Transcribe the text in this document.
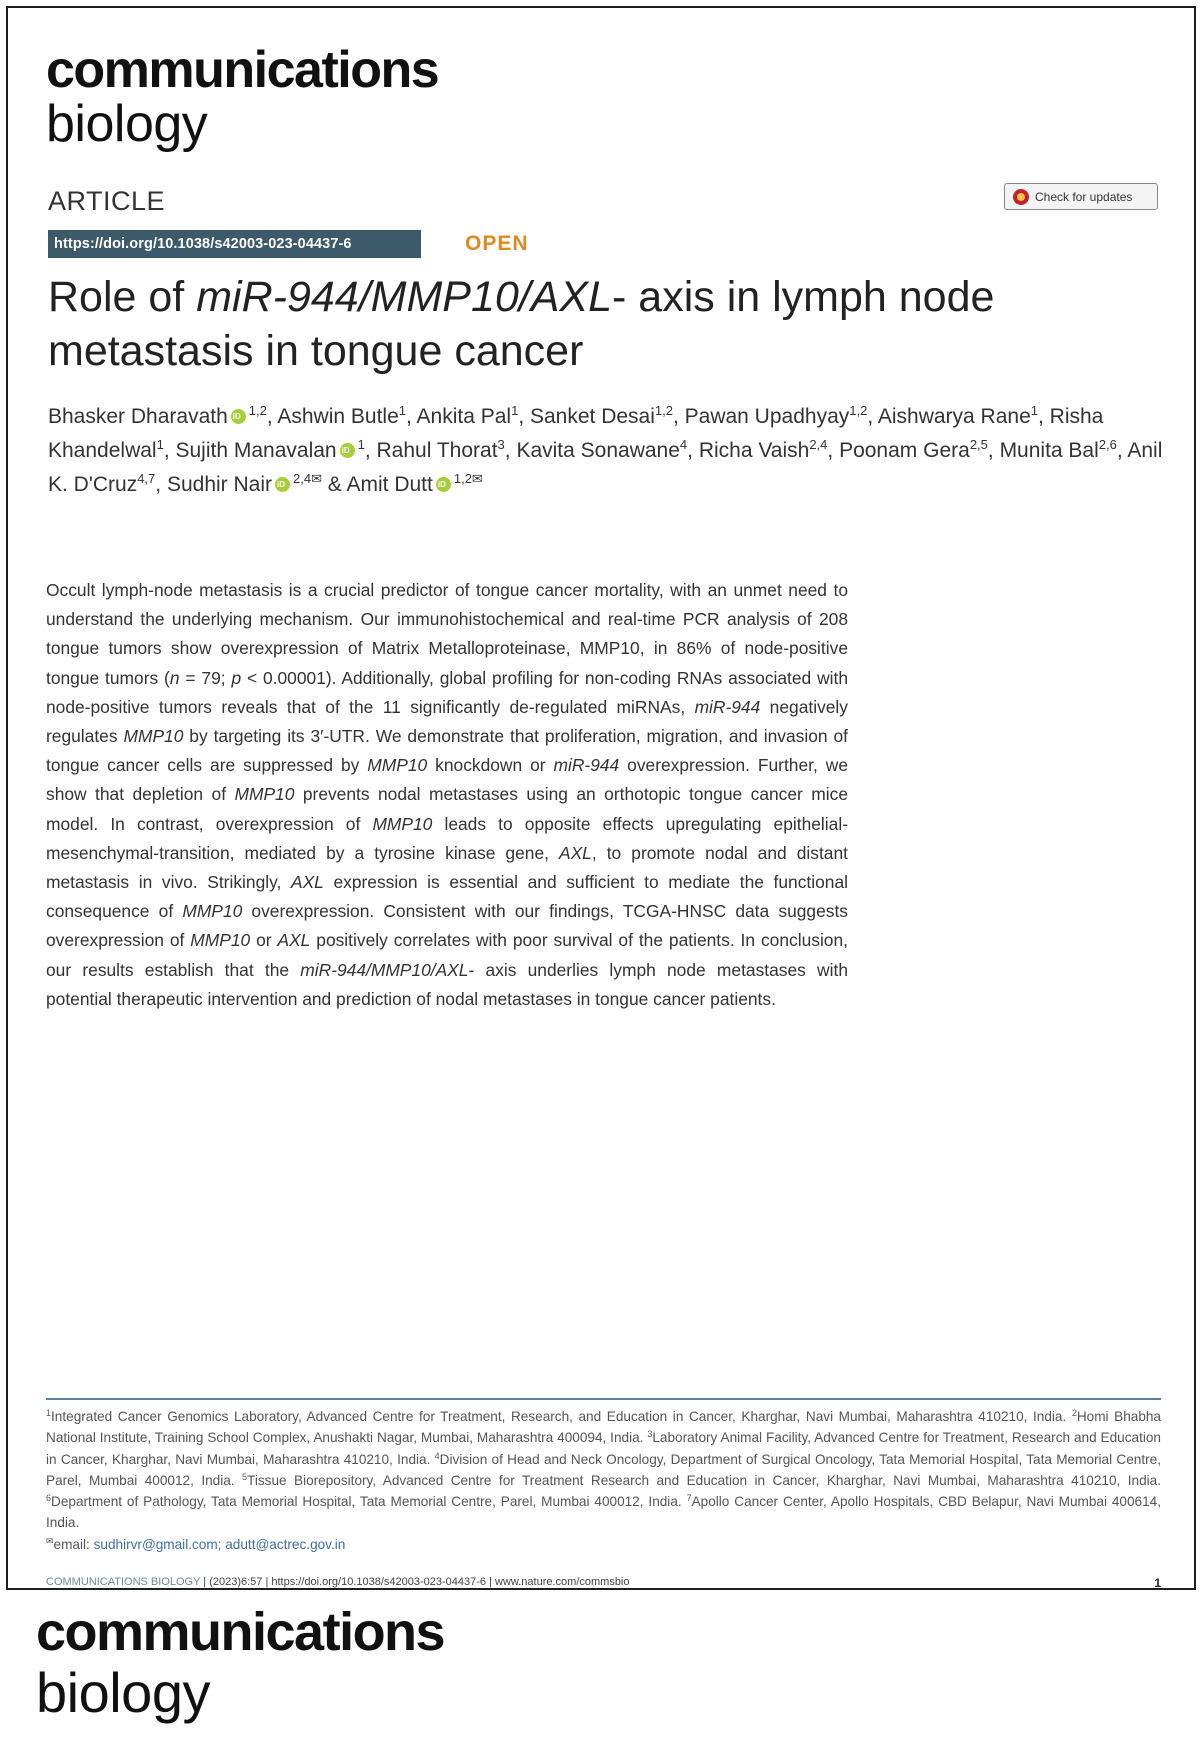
communications
biology
ARTICLE	Check for updates
https://doi.org/10.1038/s42003-023-04437-6	OPEN
Role of miR-944/MMP10/AXL- axis in lymph node metastasis in tongue cancer
Bhasker Dharavath iD $^{1,2}$, Ashwin Butle$^1$, Ankita Pal$^1$, Sanket Desai$^{1,2}$, Pawan Upadhyay$^{1,2}$, Aishwarya Rane$^1$, Risha Khandelwal$^1$, Sujith Manavalan iD $^1$, Rahul Thorat$^3$, Kavita Sonawane$^4$, Richa Vaish$^{2,4}$, Poonam Gera$^{2,5}$, Munita Bal$^{2,6}$, Anil K. D'Cruz$^{4,7}$, Sudhir Nair iD $^{2,4✉}$ & Amit Dutt iD $^{1,2✉}$

Occult lymph-node metastasis is a crucial predictor of tongue cancer mortality, with an unmet need to understand the underlying mechanism. Our immunohistochemical and real-time PCR analysis of 208 tongue tumors show overexpression of Matrix Metalloproteinase, MMP10, in 86% of node-positive tongue tumors (n = 79; p < 0.00001). Additionally, global profiling for non-coding RNAs associated with node-positive tumors reveals that of the 11 significantly de-regulated miRNAs, miR-944 negatively regulates MMP10 by targeting its 3′-UTR. We demonstrate that proliferation, migration, and invasion of tongue cancer cells are suppressed by MMP10 knockdown or miR-944 overexpression. Further, we show that depletion of MMP10 prevents nodal metastases using an orthotopic tongue cancer mice model. In contrast, overexpression of MMP10 leads to opposite effects upregulating epithelial-mesenchymal-transition, mediated by a tyrosine kinase gene, AXL, to promote nodal and distant metastasis in vivo. Strikingly, AXL expression is essential and sufficient to mediate the functional consequence of MMP10 overexpression. Consistent with our findings, TCGA-HNSC data suggests overexpression of MMP10 or AXL positively correlates with poor survival of the patients. In conclusion, our results establish that the miR-944/MMP10/AXL- axis underlies lymph node metastases with potential therapeutic intervention and prediction of nodal metastases in tongue cancer patients.

$^1$Integrated Cancer Genomics Laboratory, Advanced Centre for Treatment, Research, and Education in Cancer, Kharghar, Navi Mumbai, Maharashtra 410210, India. $^2$Homi Bhabha National Institute, Training School Complex, Anushakti Nagar, Mumbai, Maharashtra 400094, India. $^3$Laboratory Animal Facility, Advanced Centre for Treatment, Research and Education in Cancer, Kharghar, Navi Mumbai, Maharashtra 410210, India. $^4$Division of Head and Neck Oncology, Department of Surgical Oncology, Tata Memorial Hospital, Tata Memorial Centre, Parel, Mumbai 400012, India. $^5$Tissue Biorepository, Advanced Centre for Treatment Research and Education in Cancer, Kharghar, Navi Mumbai, Maharashtra 410210, India. $^6$Department of Pathology, Tata Memorial Hospital, Tata Memorial Centre, Parel, Mumbai 400012, India. $^7$Apollo Cancer Center, Apollo Hospitals, CBD Belapur, Navi Mumbai 400614, India.
✉email: sudhirvr@gmail.com; adutt@actrec.gov.in

COMMUNICATIONS BIOLOGY | (2023)6:57 | https://doi.org/10.1038/s42003-023-04437-6 | www.nature.com/commsbio	1
communications
biology
